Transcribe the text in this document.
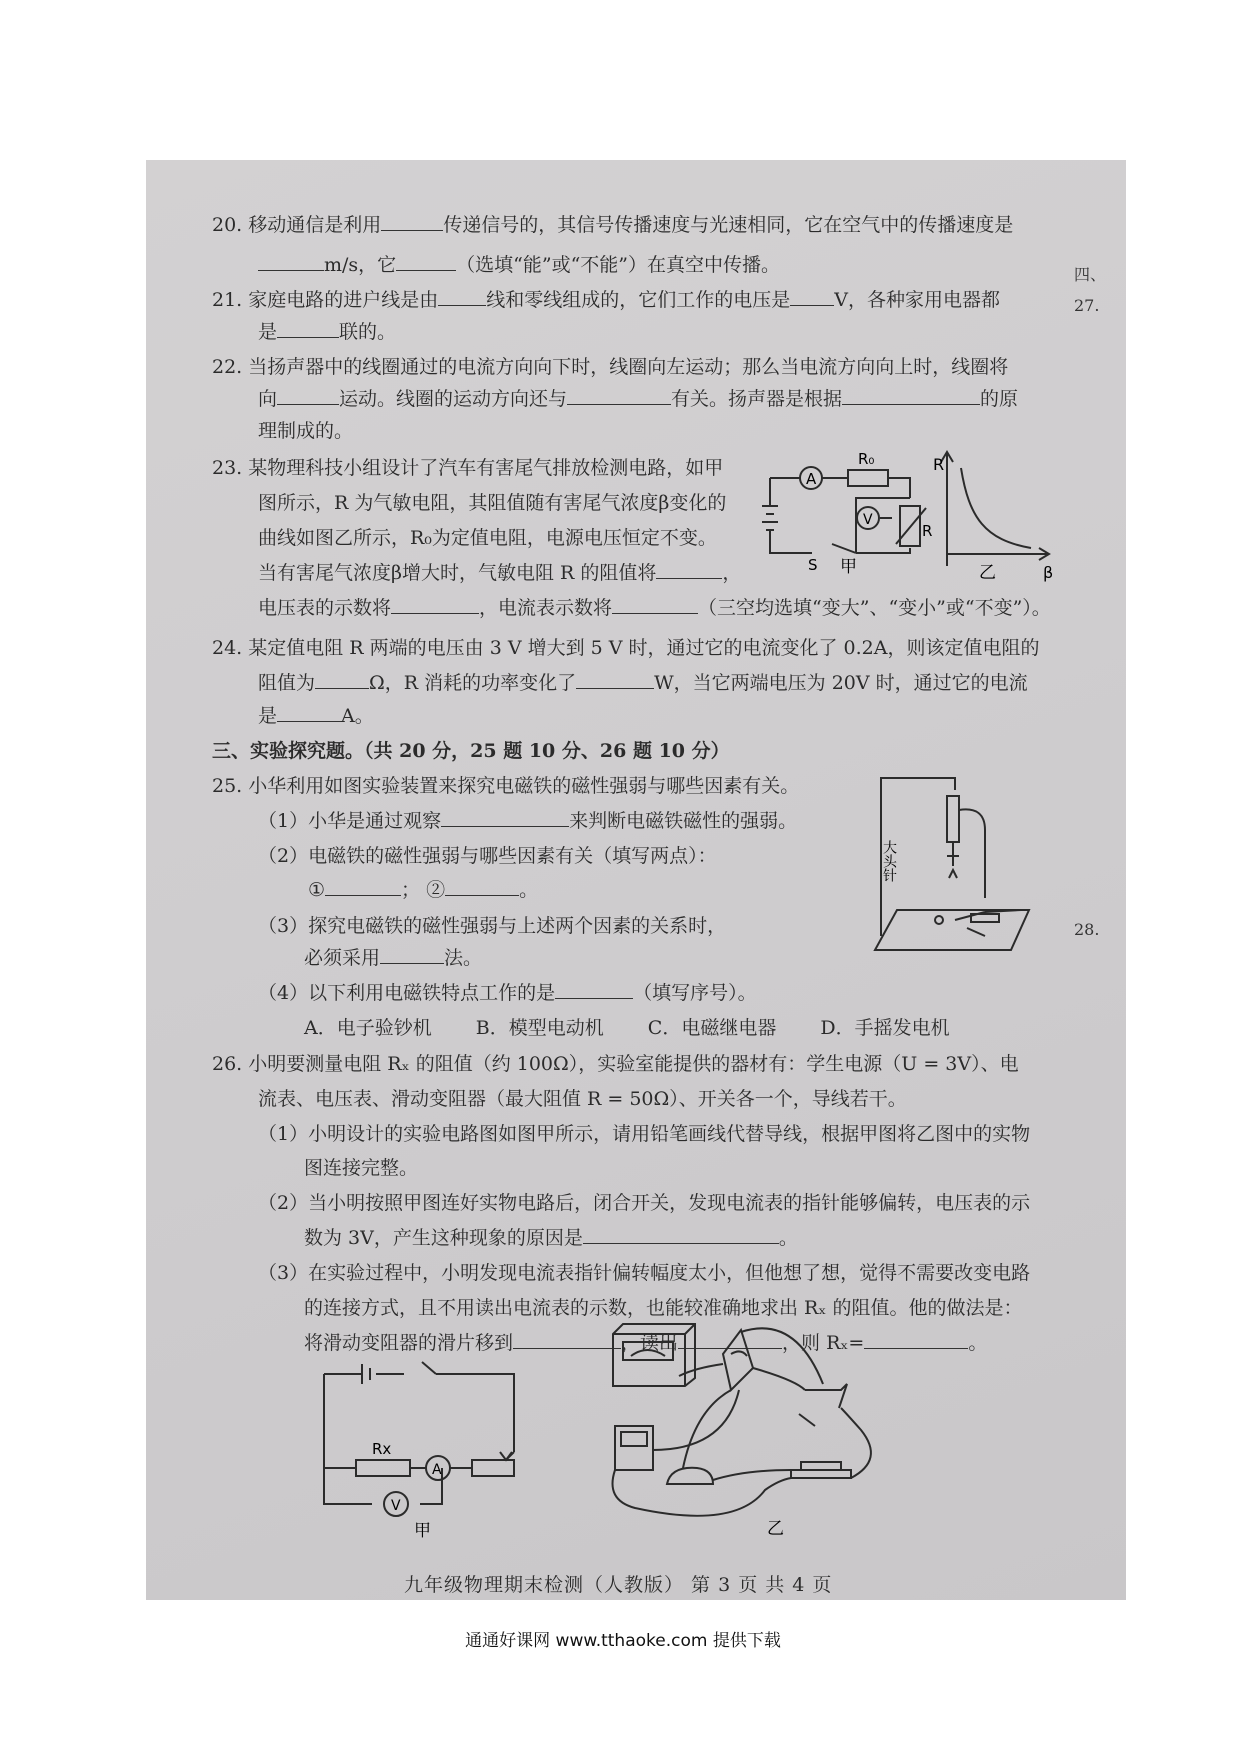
20. 移动通信是利用	传递信号的，其信号传播速度与光速相同，它在空气中的传播速度是
m/s，它	（选填“能”或“不能”）在真空中传播。
21. 家庭电路的进户线是由	线和零线组成的，它们工作的电压是 V，各种家用电器都
是	联的。
22. 当扬声器中的线圈通过的电流方向向下时，线圈向左运动；那么当电流方向向上时，线圈将
向	运动。线圈的运动方向还与	有关。扬声器是根据	的原
理制成的。
23. 某物理科技小组设计了汽车有害尾气排放检测电路，如甲
图所示，R 为气敏电阻，其阻值随有害尾气浓度β变化的
曲线如图乙所示，R₀为定值电阻，电源电压恒定不变。
当有害尾气浓度β增大时，气敏电阻 R 的阻值将	，
电压表的示数将	，电流表示数将	（三空均选填“变大”、“变小”或“不变”）。
A
R₀
V
R
S 甲
R
乙	β
24. 某定值电阻 R 两端的电压由 3 V 增大到 5 V 时，通过它的电流变化了 0.2A，则该定值电阻的
阻值为	Ω，R 消耗的功率变化了	W，当它两端电压为 20V 时，通过它的电流
是	A。
三、实验探究题。（共 20 分，25 题 10 分、26 题 10 分）
25. 小华利用如图实验装置来探究电磁铁的磁性强弱与哪些因素有关。
（1）小华是通过观察	来判断电磁铁磁性的强弱。
（2）电磁铁的磁性强弱与哪些因素有关（填写两点）：
①	； ②	。
（3）探究电磁铁的磁性强弱与上述两个因素的关系时，
必须采用	法。
（4）以下利用电磁铁特点工作的是	（填写序号）。
A．电子验钞机 B．模型电动机 C．电磁继电器 D．手摇发电机
大头针
26. 小明要测量电阻 Rₓ 的阻值（约 100Ω），实验室能提供的器材有：学生电源（U = 3V）、电
流表、电压表、滑动变阻器（最大阻值 R = 50Ω）、开关各一个，导线若干。
（1）小明设计的实验电路图如图甲所示，请用铅笔画线代替导线，根据甲图将乙图中的实物
图连接完整。
（2）当小明按照甲图连好实物电路后，闭合开关，发现电流表的指针能够偏转，电压表的示
数为 3V，产生这种现象的原因是	。
（3）在实验过程中，小明发现电流表指针偏转幅度太小，但他想了想，觉得不需要改变电路
的连接方式，且不用读出电流表的示数，也能较准确地求出 Rₓ 的阻值。他的做法是：
将滑动变阻器的滑片移到	，读出	，则 Rₓ=	。
Rx
A
V
甲	乙
四、
27.
28.
九年级物理期末检测（人教版） 第 3 页 共 4 页
通通好课网 www.tthaoke.com 提供下载
